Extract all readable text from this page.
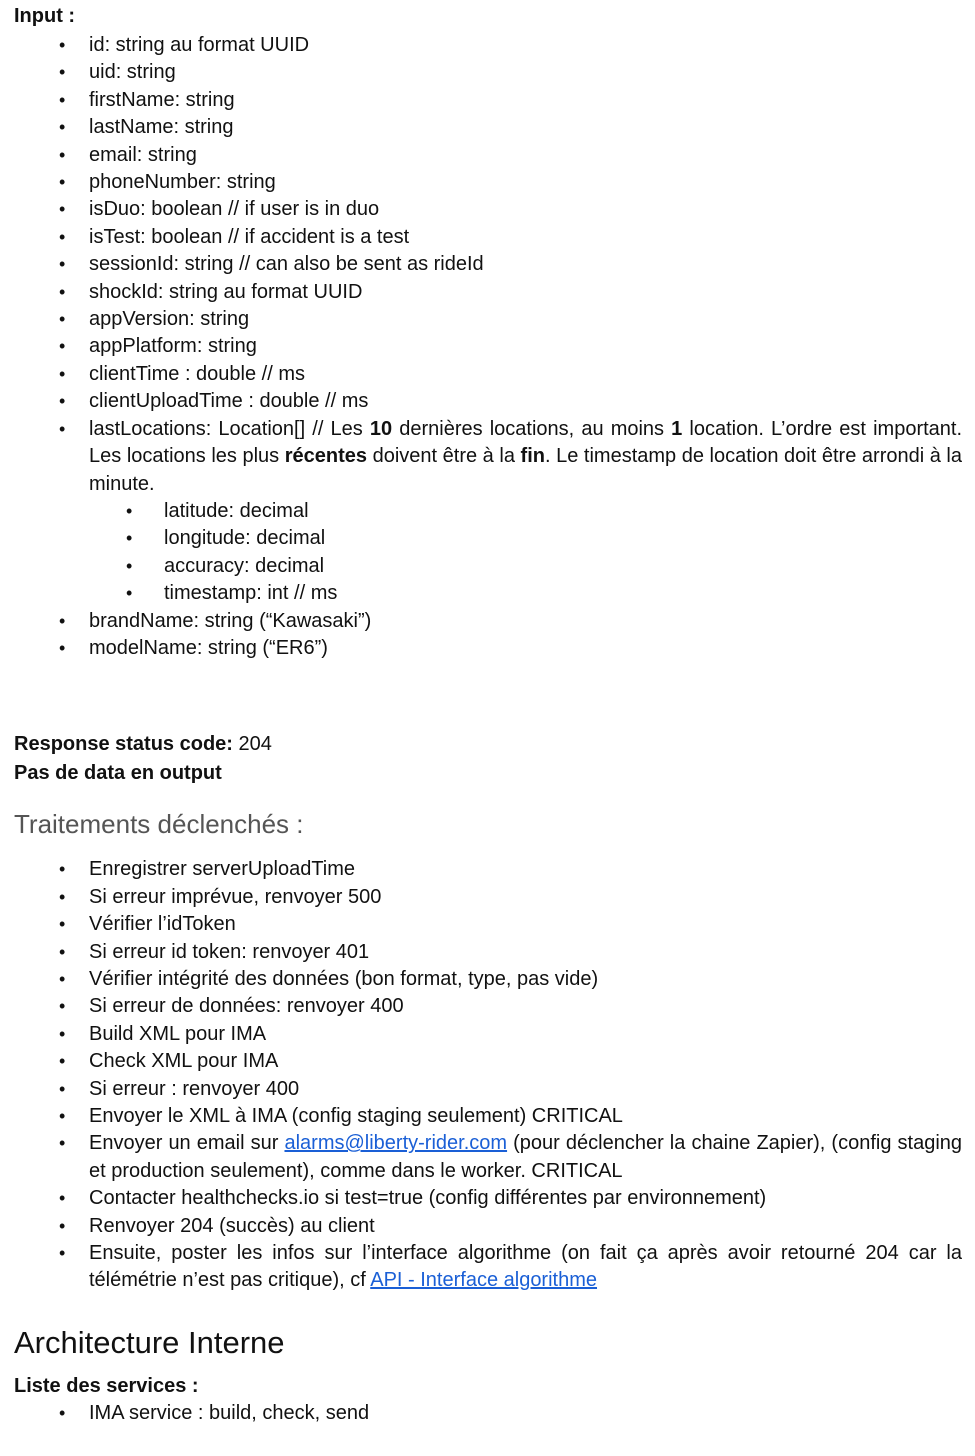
Input :
• id: string au format UUID
• uid: string
• firstName: string
• lastName: string
• email: string
• phoneNumber: string
• isDuo: boolean // if user is in duo
• isTest: boolean // if accident is a test
• sessionId: string // can also be sent as rideId
• shockId: string au format UUID
• appVersion: string
• appPlatform: string
• clientTime : double // ms
• clientUploadTime : double // ms
• lastLocations: Location[] // Les 10 dernières locations, au moins 1 location. L’ordre est important. Les locations les plus récentes doivent être à la fin. Le timestamp de location doit être arrondi à la minute.
• latitude: decimal
• longitude: decimal
• accuracy: decimal
• timestamp: int // ms
• brandName: string (“Kawasaki”)
• modelName: string (“ER6”)
Response status code: 204
Pas de data en output
Traitements déclenchés :
• Enregistrer serverUploadTime
• Si erreur imprévue, renvoyer 500
• Vérifier l’idToken
• Si erreur id token: renvoyer 401
• Vérifier intégrité des données (bon format, type, pas vide)
• Si erreur de données: renvoyer 400
• Build XML pour IMA
• Check XML pour IMA
• Si erreur : renvoyer 400
• Envoyer le XML à IMA (config staging seulement) CRITICAL
• Envoyer un email sur alarms@liberty-rider.com (pour déclencher la chaine Zapier), (config staging et production seulement), comme dans le worker. CRITICAL
• Contacter healthchecks.io si test=true (config différentes par environnement)
• Renvoyer 204 (succès) au client
• Ensuite, poster les infos sur l’interface algorithme (on fait ça après avoir retourné 204 car la télémétrie n’est pas critique), cf API - Interface algorithme
Architecture Interne
Liste des services :
• IMA service : build, check, send
